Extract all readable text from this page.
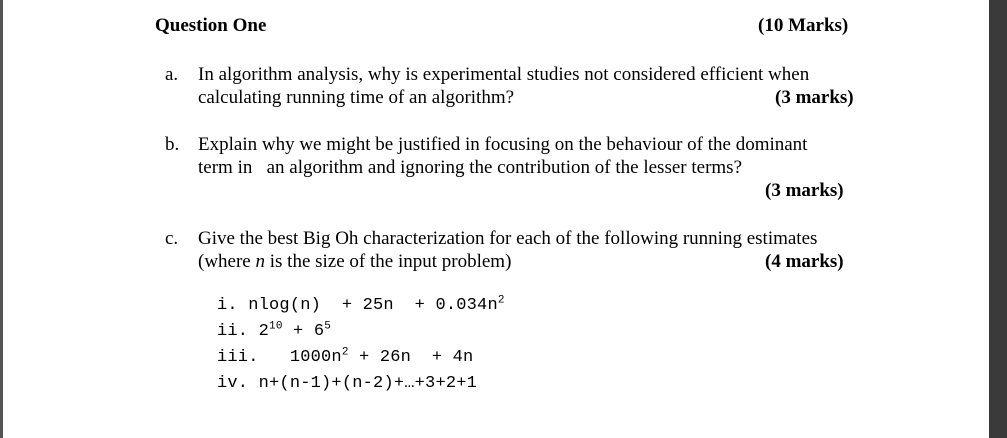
Question One	(10 Marks)
a. In algorithm analysis, why is experimental studies not considered efficient when
calculating running time of an algorithm?	(3 marks)
b. Explain why we might be justified in focusing on the behaviour of the dominant
term in   an algorithm and ignoring the contribution of the lesser terms?
(3 marks)
c. Give the best Big Oh characterization for each of the following running estimates
(where n is the size of the input problem)	(4 marks)
i. $nlog(n) + 25n + 0.034n^2$
ii. $2^{10} + 6^5$
iii.   $1000n^2 + 26n + 4n$
iv. n+(n-1)+(n-2)+…+3+2+1
